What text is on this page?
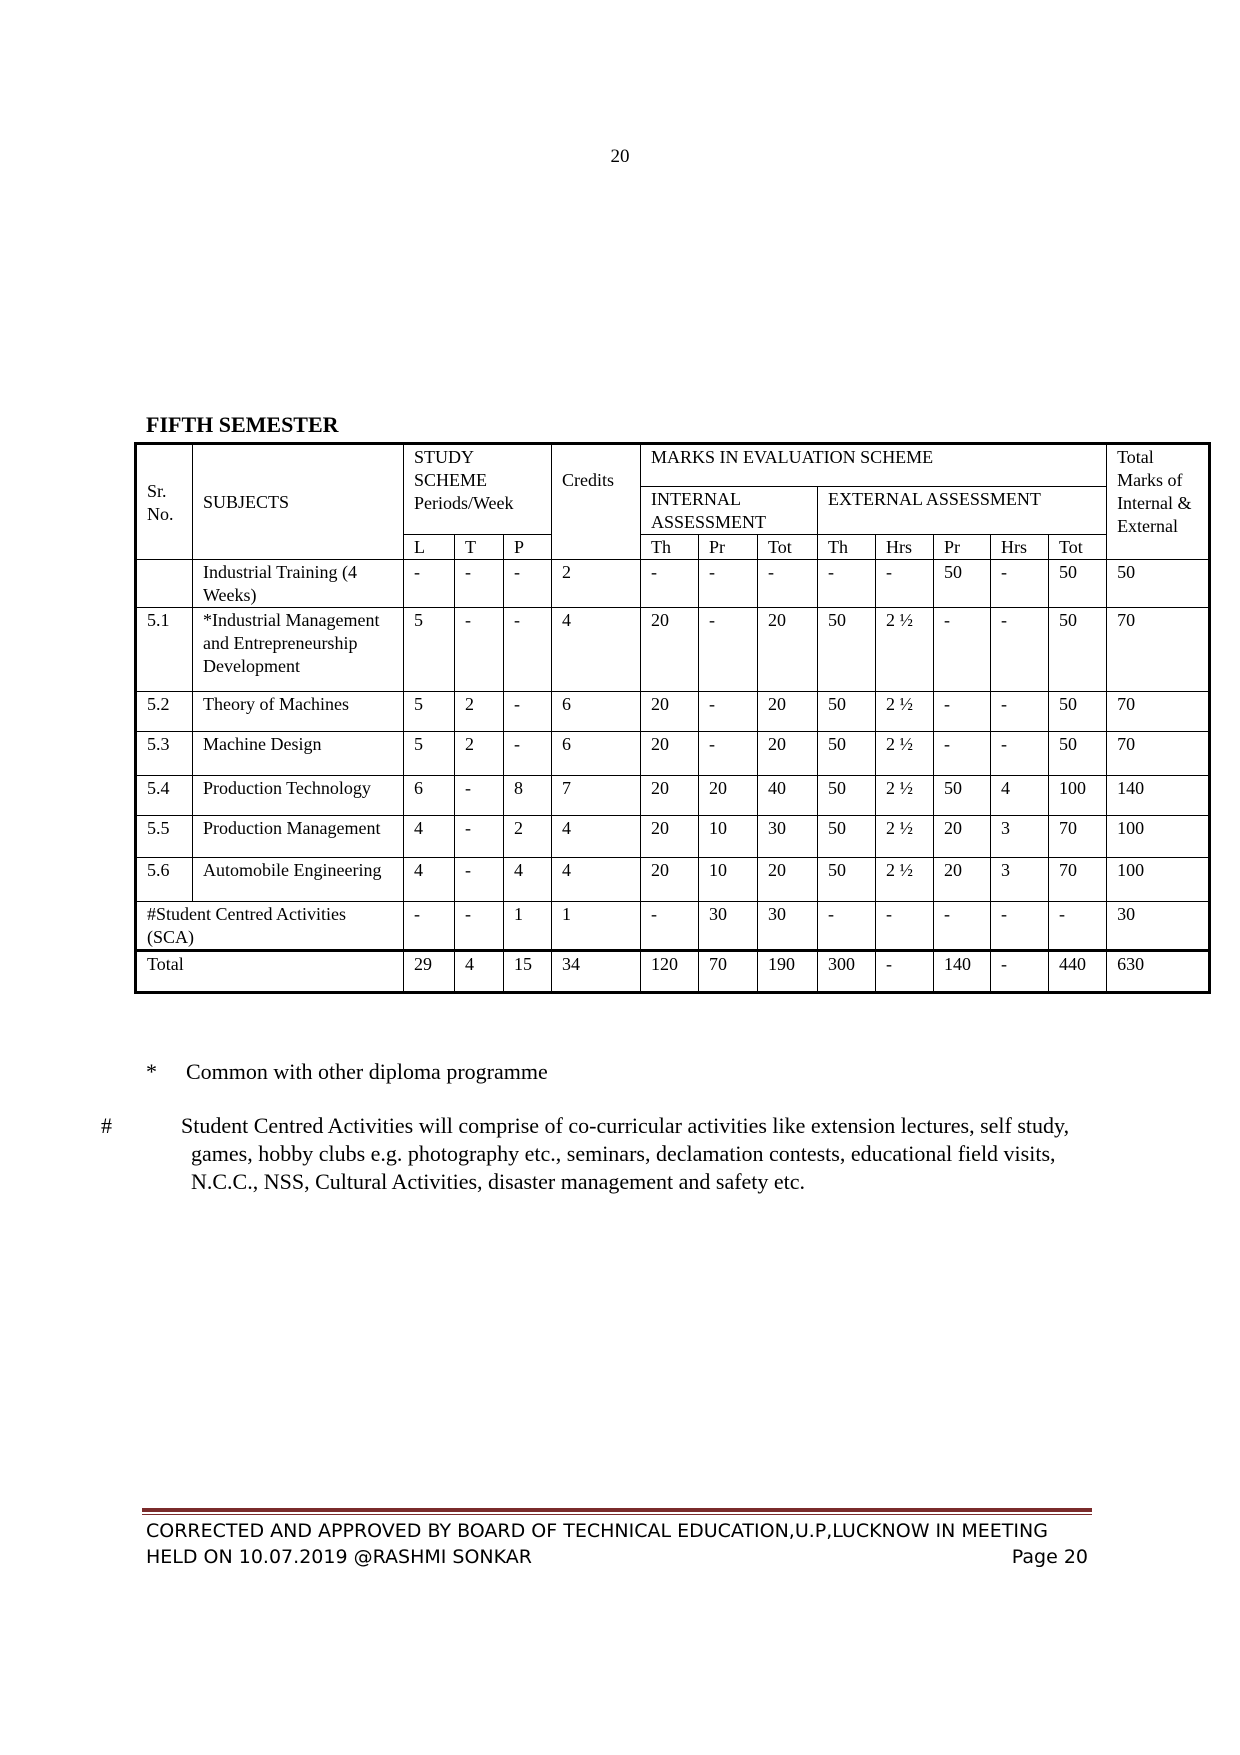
20
FIFTH SEMESTER
Sr. No.	SUBJECTS	STUDY SCHEME Periods/Week			Credits	MARKS IN EVALUATION SCHEME								Total Marks of Internal & External
						INTERNAL ASSESSMENT			EXTERNAL ASSESSMENT					
		L	T	P		Th	Pr	Tot	Th	Hrs	Pr	Hrs	Tot	
	Industrial Training (4 Weeks)	-	-	-	2	-	-	-	-	-	50	-	50	50
5.1	*Industrial Management and Entrepreneurship Development	5	-	-	4	20	-	20	50	2 ½	-	-	50	70
5.2	Theory of Machines	5	2	-	6	20	-	20	50	2 ½	-	-	50	70
5.3	Machine Design	5	2	-	6	20	-	20	50	2 ½	-	-	50	70
5.4	Production Technology	6	-	8	7	20	20	40	50	2 ½	50	4	100	140
5.5	Production Management	4	-	2	4	20	10	30	50	2 ½	20	3	70	100
5.6	Automobile Engineering	4	-	4	4	20	10	20	50	2 ½	20	3	70	100
#Student Centred Activities (SCA)		-	-	1	1	-	30	30	-	-	-	-	-	30
Total		29	4	15	34	120	70	190	300	-	140	-	440	630
* Common with other diploma programme
#	Student Centred Activities will comprise of co-curricular activities like extension lectures, self study, games, hobby clubs e.g. photography etc., seminars, declamation contests, educational field visits, N.C.C., NSS, Cultural Activities, disaster management and safety etc.
CORRECTED AND APPROVED BY BOARD OF TECHNICAL EDUCATION,U.P,LUCKNOW IN MEETING
HELD ON 10.07.2019 @RASHMI SONKAR	Page 20
